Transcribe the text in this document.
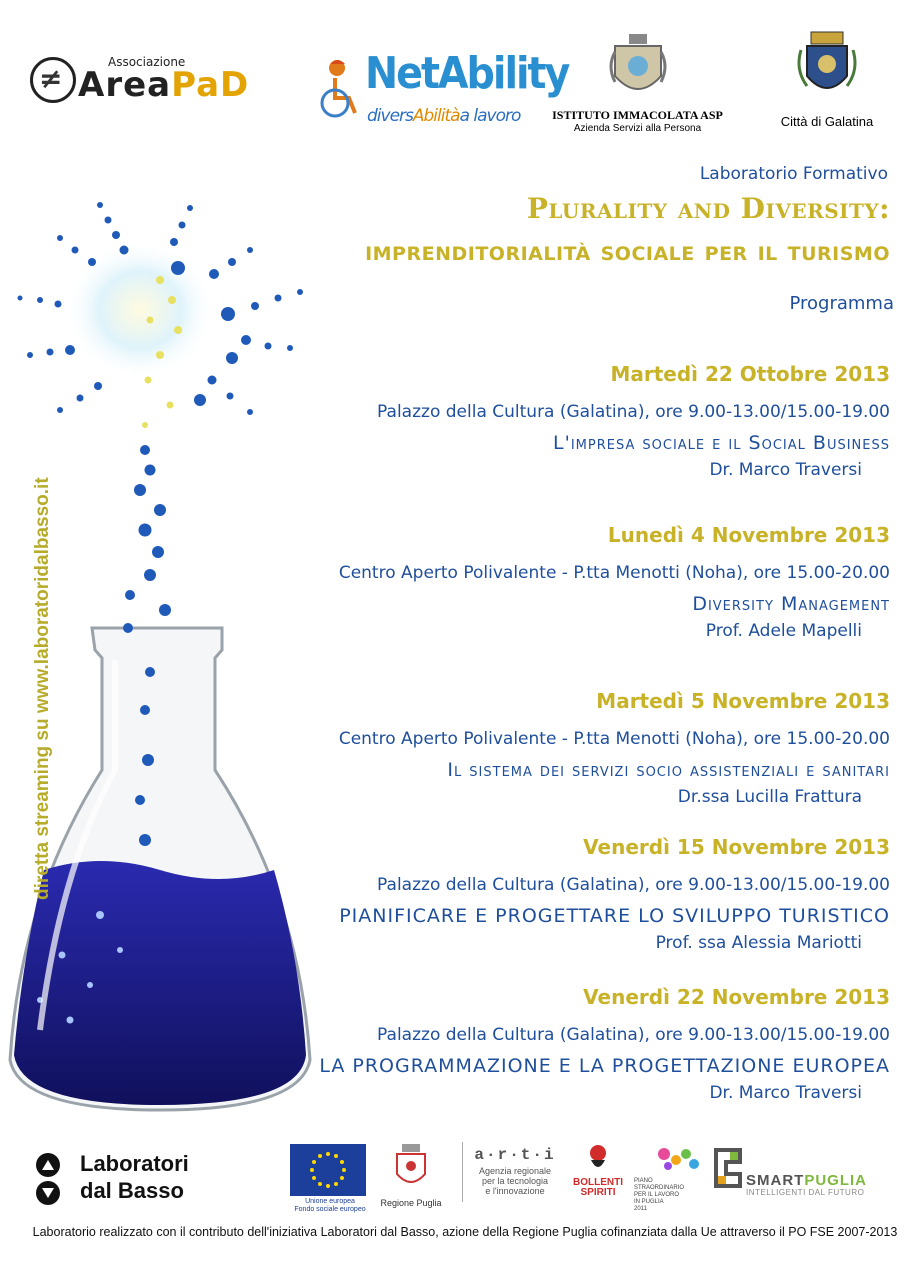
≠	Associazione
AreaPaD	NetAbility
diversAbilitàa lavoro	ISTITUTO IMMACOLATA ASP
Azienda Servizi alla Persona	Città di Galatina
diretta streaming su www.laboratoridalbasso.it
Laboratorio Formativo
Plurality and Diversity:
imprenditorialità sociale per il turismo
Programma
Martedì 22 Ottobre 2013
Palazzo della Cultura (Galatina), ore 9.00-13.00/15.00-19.00
L'impresa sociale e il Social Business
Dr. Marco Traversi
Lunedì 4 Novembre 2013
Centro Aperto Polivalente - P.tta Menotti (Noha), ore 15.00-20.00
Diversity Management
Prof. Adele Mapelli
Martedì 5 Novembre 2013
Centro Aperto Polivalente - P.tta Menotti (Noha), ore 15.00-20.00
Il sistema dei servizi socio assistenziali e sanitari
Dr.ssa Lucilla Frattura
Venerdì 15 Novembre 2013
Palazzo della Cultura (Galatina), ore 9.00-13.00/15.00-19.00
PIANIFICARE E PROGETTARE LO SVILUPPO TURISTICO
Prof. ssa Alessia Mariotti
Venerdì 22 Novembre 2013
Palazzo della Cultura (Galatina), ore 9.00-13.00/15.00-19.00
LA PROGRAMMAZIONE E LA PROGETTAZIONE EUROPEA
Dr. Marco Traversi
Laboratori
dal Basso	Unione europea
Fondo sociale europeo
Regione Puglia
a·r·t·i
Agenzia regionale
per la tecnologia
e l'innovazione
BOLLENTI
SPIRITI
PIANO
STRAORDINARIO
PER IL LAVORO
IN PUGLIA
2011
SMARTPUGLIA
INTELLIGENTI DAL FUTURO
Laboratorio realizzato con il contributo dell'iniziativa Laboratori dal Basso, azione della Regione Puglia cofinanziata dalla Ue attraverso il PO FSE 2007-2013
